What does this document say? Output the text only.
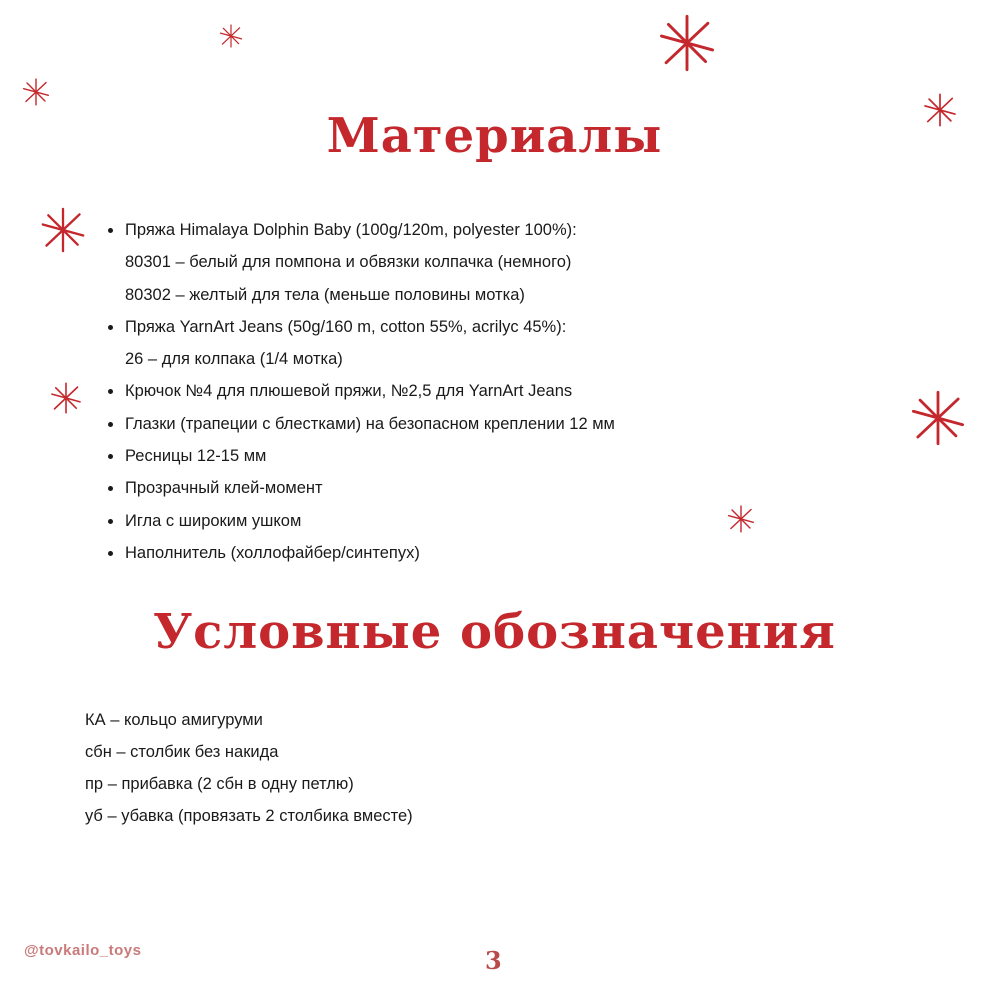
Материалы
Пряжа Himalaya Dolphin Baby (100g/120m, polyester 100%):
80301 – белый для помпона и обвязки колпачка (немного)
80302 – желтый для тела (меньше половины мотка)
Пряжа YarnArt Jeans (50g/160 m, cotton 55%, acrilyc 45%):
26 – для колпака (1/4 мотка)
Крючок №4 для плюшевой пряжи, №2,5 для YarnArt Jeans
Глазки (трапеции с блестками) на безопасном креплении 12 мм
Ресницы 12-15 мм
Прозрачный клей-момент
Игла с широким ушком
Наполнитель (холлофайбер/синтепух)
Условные обозначения
КА – кольцо амигуруми
сбн – столбик без накида
пр – прибавка (2 сбн в одну петлю)
уб – убавка (провязать 2 столбика вместе)
@tovkailo_toys	3
